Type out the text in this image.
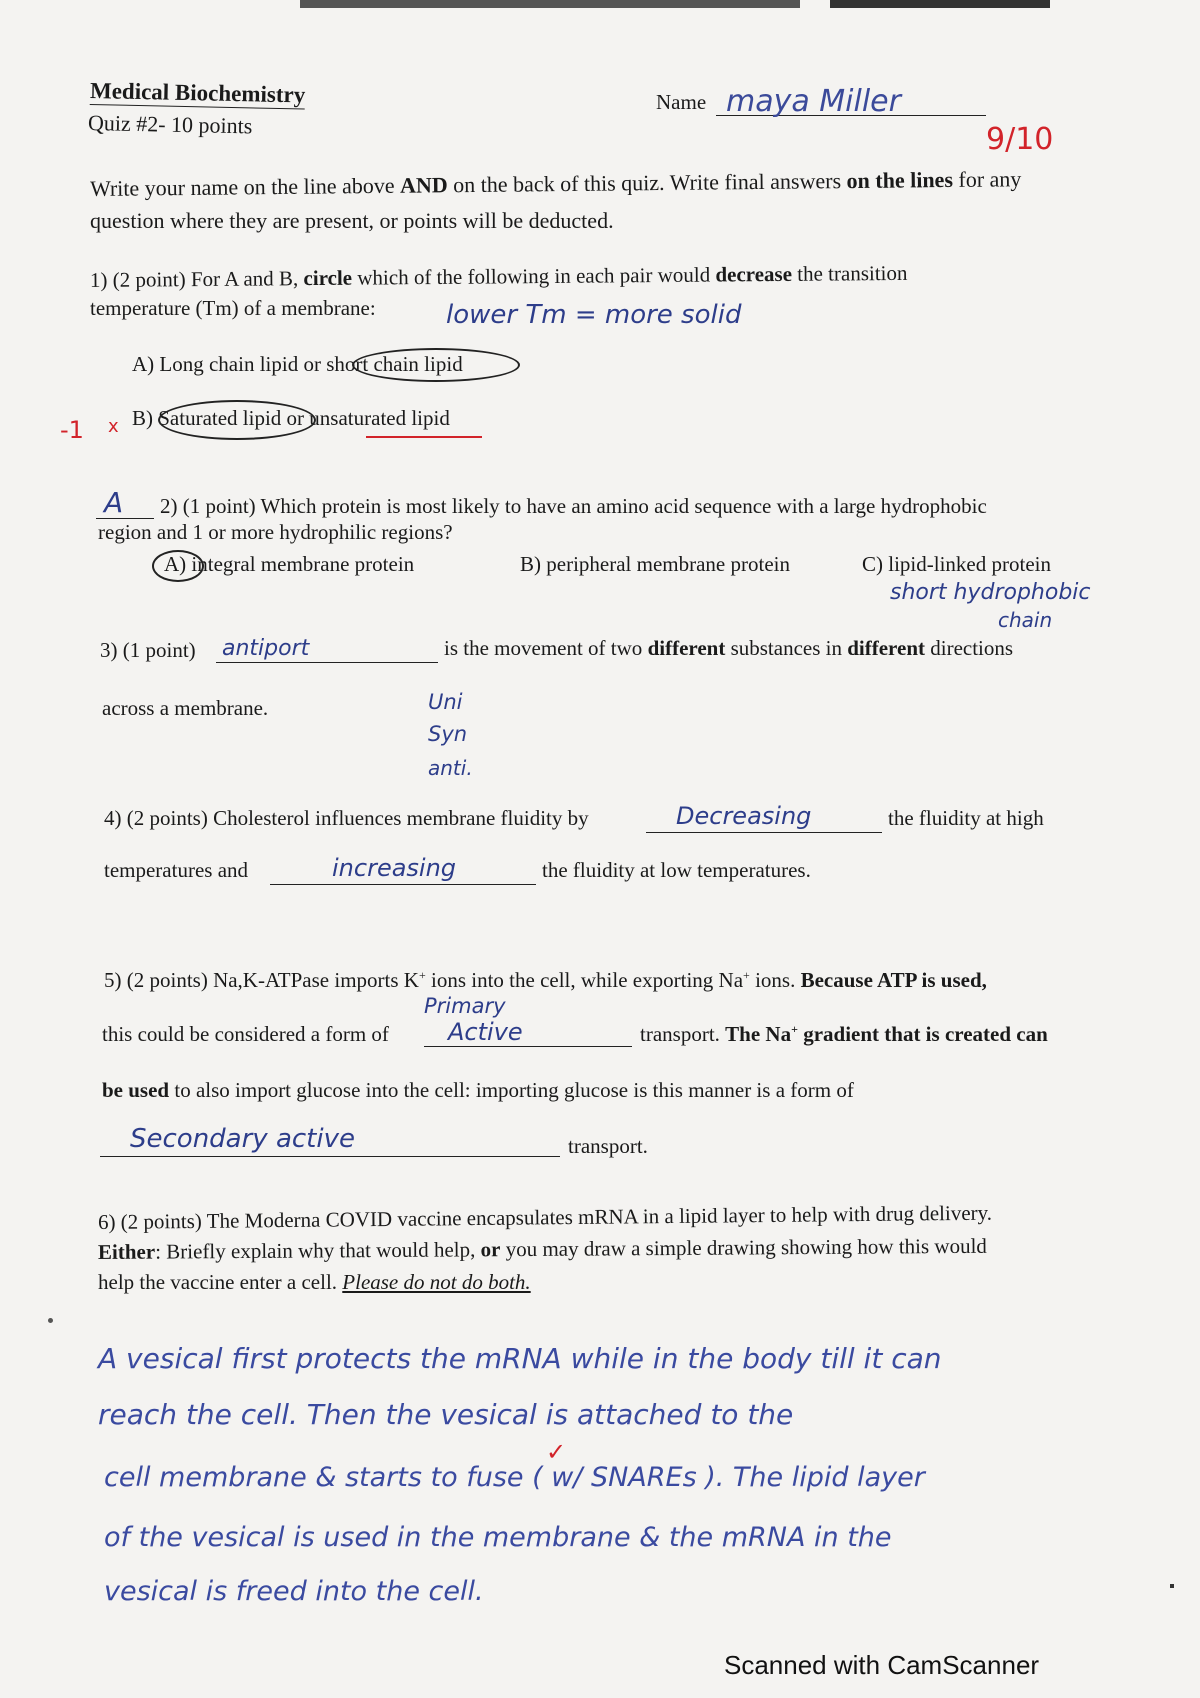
Medical Biochemistry
Quiz #2- 10 points
Name maya Miller
9/10
Write your name on the line above AND on the back of this quiz. Write final answers on the lines for any
question where they are present, or points will be deducted.
1) (2 point) For A and B, circle which of the following in each pair would decrease the transition
temperature (Tm) of a membrane:	lower Tm = more solid
A) Long chain lipid or short chain lipid
-1 x B) Saturated lipid or unsaturated lipid
A 2) (1 point) Which protein is most likely to have an amino acid sequence with a large hydrophobic
region and 1 or more hydrophilic regions?
A) integral membrane protein	B) peripheral membrane protein	C) lipid-linked protein
short hydrophobic
chain
3) (1 point) antiport	is the movement of two different substances in different directions
across a membrane.	Uni
Syn
anti.
4) (2 points) Cholesterol influences membrane fluidity by	Decreasing	the fluidity at high
temperatures and	increasing	the fluidity at low temperatures.
5) (2 points) Na,K-ATPase imports K+ ions into the cell, while exporting Na+ ions. Because ATP is used,
Primary
this could be considered a form of Active	transport. The Na+ gradient that is created can
be used to also import glucose into the cell: importing glucose is this manner is a form of
Secondary active	transport.
6) (2 points) The Moderna COVID vaccine encapsulates mRNA in a lipid layer to help with drug delivery.
Either: Briefly explain why that would help, or you may draw a simple drawing showing how this would
help the vaccine enter a cell. Please do not do both.
A vesical first protects the mRNA while in the body till it can
reach the cell. Then the vesical is attached to the
✓
cell membrane & starts to fuse ( w/ SNAREs ). The lipid layer
of the vesical is used in the membrane & the mRNA in the
vesical is freed into the cell.
Scanned with CamScanner
